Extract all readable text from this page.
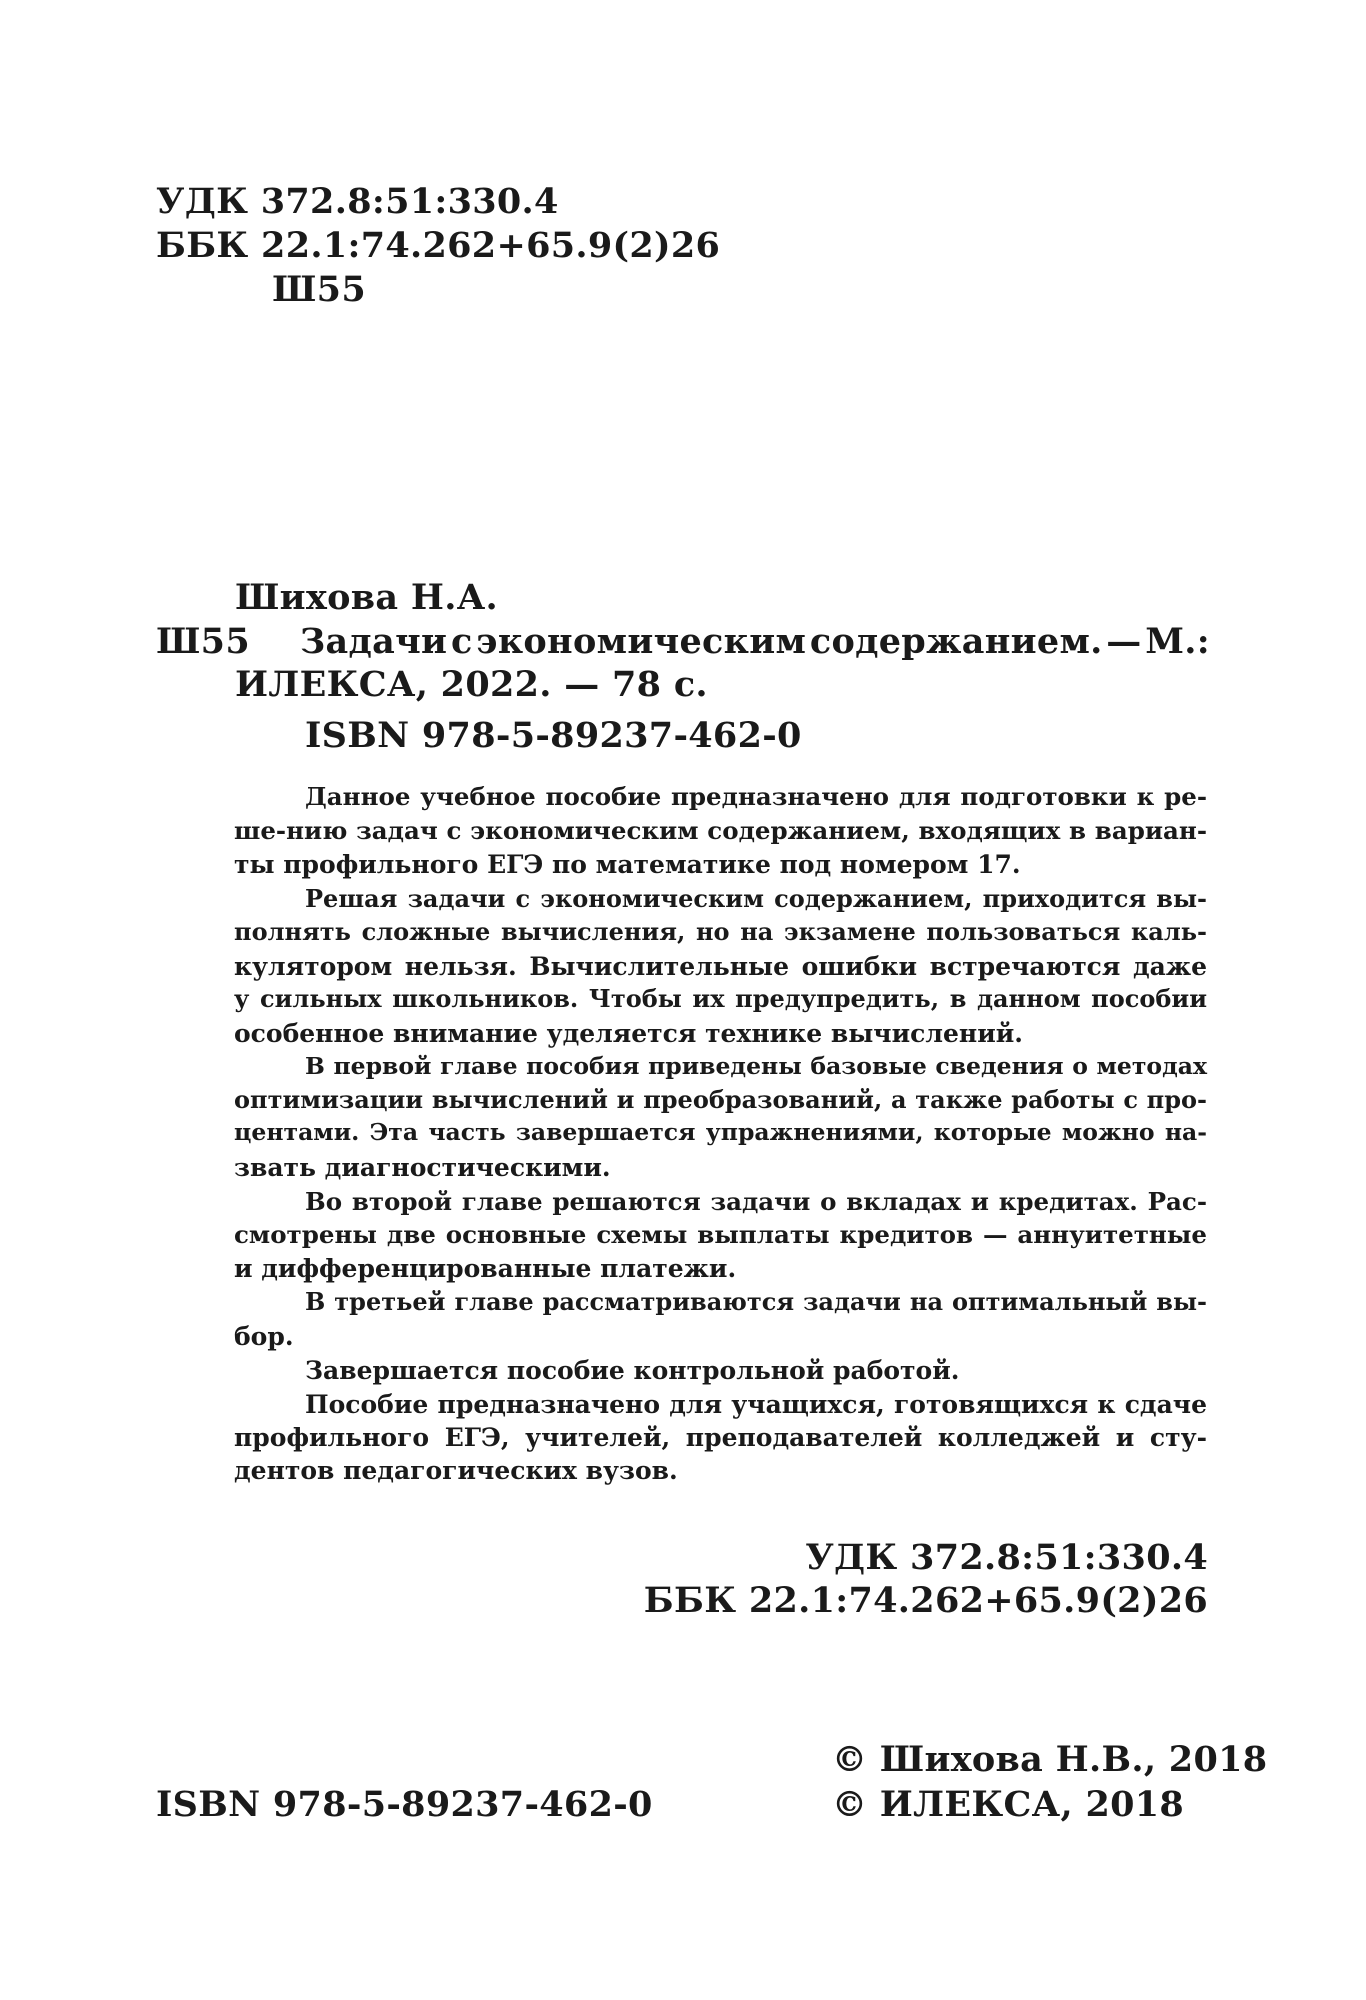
УДК 372.8:51:330.4
ББК 22.1:74.262+65.9(2)26
Ш55
Шихова Н.А.
Ш55 Задачи с экономическим содержанием. — М.:
ИЛЕКСА, 2022. — 78 с.
ISBN 978-5-89237-462-0
Данное учебное пособие предназначено для подготовки к ре-
ше-нию задач с экономическим содержанием, входящих в вариан-
ты профильного ЕГЭ по математике под номером 17.
Решая задачи с экономическим содержанием, приходится вы-
полнять сложные вычисления, но на экзамене пользоваться каль-
кулятором нельзя. Вычислительные ошибки встречаются даже
у сильных школьников. Чтобы их предупредить, в данном пособии
особенное внимание уделяется технике вычислений.
В первой главе пособия приведены базовые сведения о методах
оптимизации вычислений и преобразований, а также работы с про-
центами. Эта часть завершается упражнениями, которые можно на-
звать диагностическими.
Во второй главе решаются задачи о вкладах и кредитах. Рас-
смотрены две основные схемы выплаты кредитов — аннуитетные
и дифференцированные платежи.
В третьей главе рассматриваются задачи на оптимальный вы-
бор.
Завершается пособие контрольной работой.
Пособие предназначено для учащихся, готовящихся к сдаче
профильного ЕГЭ, учителей, преподавателей колледжей и сту-
дентов педагогических вузов.
УДК 372.8:51:330.4
ББК 22.1:74.262+65.9(2)26
© Шихова Н.В., 2018
ISBN 978-5-89237-462-0	© ИЛЕКСА, 2018
